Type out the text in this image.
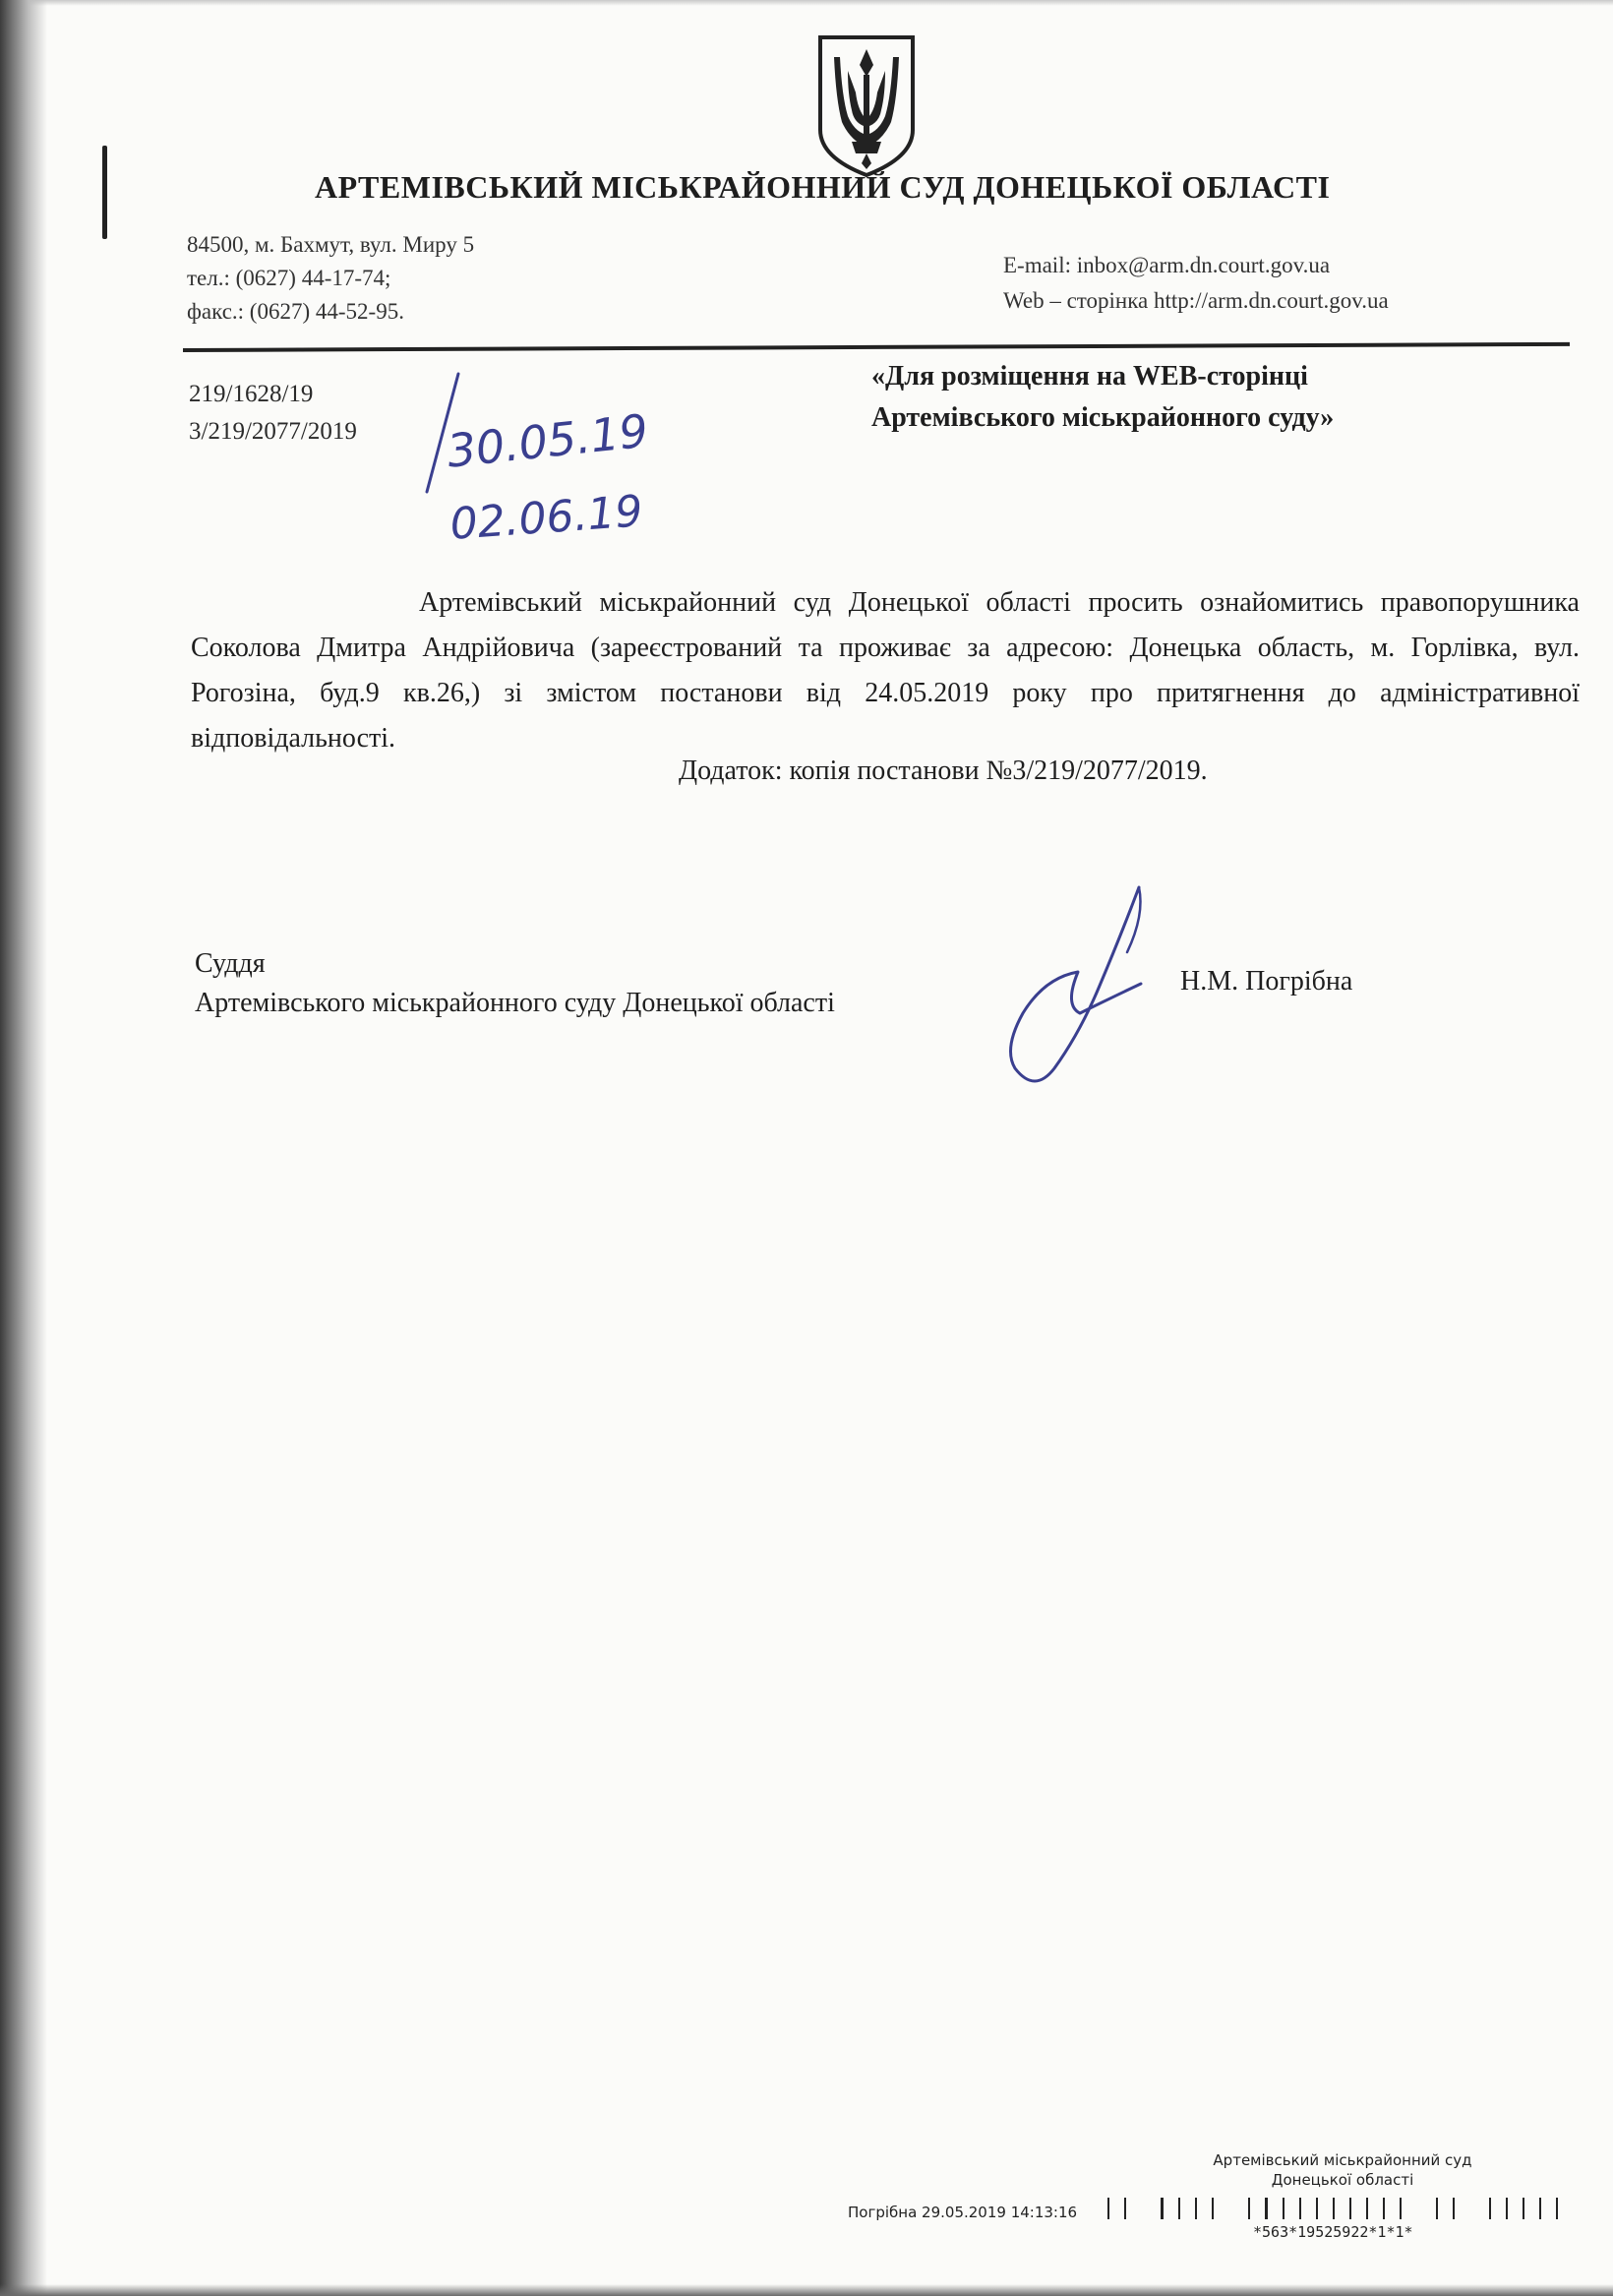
АРТЕМІВСЬКИЙ МІСЬКРАЙОННИЙ СУД ДОНЕЦЬКОЇ ОБЛАСТІ
84500, м. Бахмут, вул. Миру 5
тел.: (0627) 44-17-74;
факс.: (0627) 44-52-95.
E-mail: inbox@arm.dn.court.gov.ua
Web – сторінка http://arm.dn.court.gov.ua
219/1628/19
3/219/2077/2019 30.05.19
02.06.19
«Для розміщення на WEB-сторінці
Артемівського міськрайонного суду»
Артемівський міськрайонний суд Донецької області просить ознайомитись правопорушника Соколова Дмитра Андрійовича (зареєстрований та проживає за адресою: Донецька область, м. Горлівка, вул. Рогозіна, буд.9 кв.26,) зі змістом постанови від 24.05.2019 року про притягнення до адміністративної відповідальності.
Додаток: копія постанови №3/219/2077/2019.
Суддя
Артемівського міськрайонного суду Донецької області
Н.М. Погрібна
Артемівський міськрайонний суд
Донецької області
Погрібна 29.05.2019 14:13:16
*563*19525922*1*1*
